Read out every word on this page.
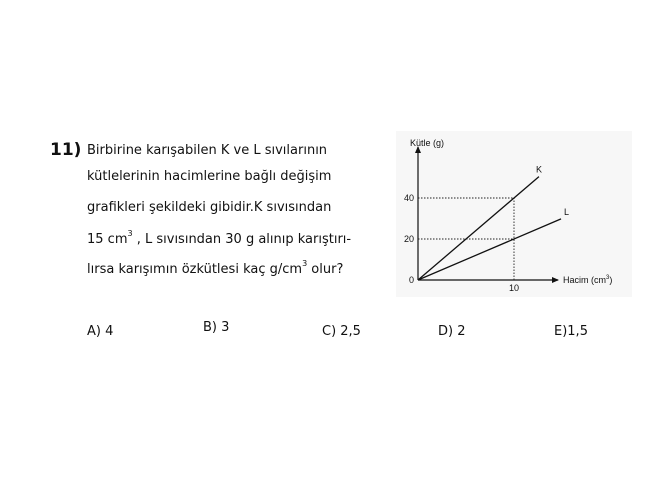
11) Birbirine karışabilen K ve L sıvılarının
kütlelerinin hacimlerine bağlı değişim
grafikleri şekildeki gibidir.K sıvısından
15 $cm^3$ , L sıvısından 30 g alınıp karıştırı-
lırsa karışımın özkütlesi kaç $g/cm^3$ olur?
A) 4	B) 3	C) 2,5	D) 2	E)1,5
Kütle (g)
Hacim $(cm^3)$
K
L
0
20
40
10
